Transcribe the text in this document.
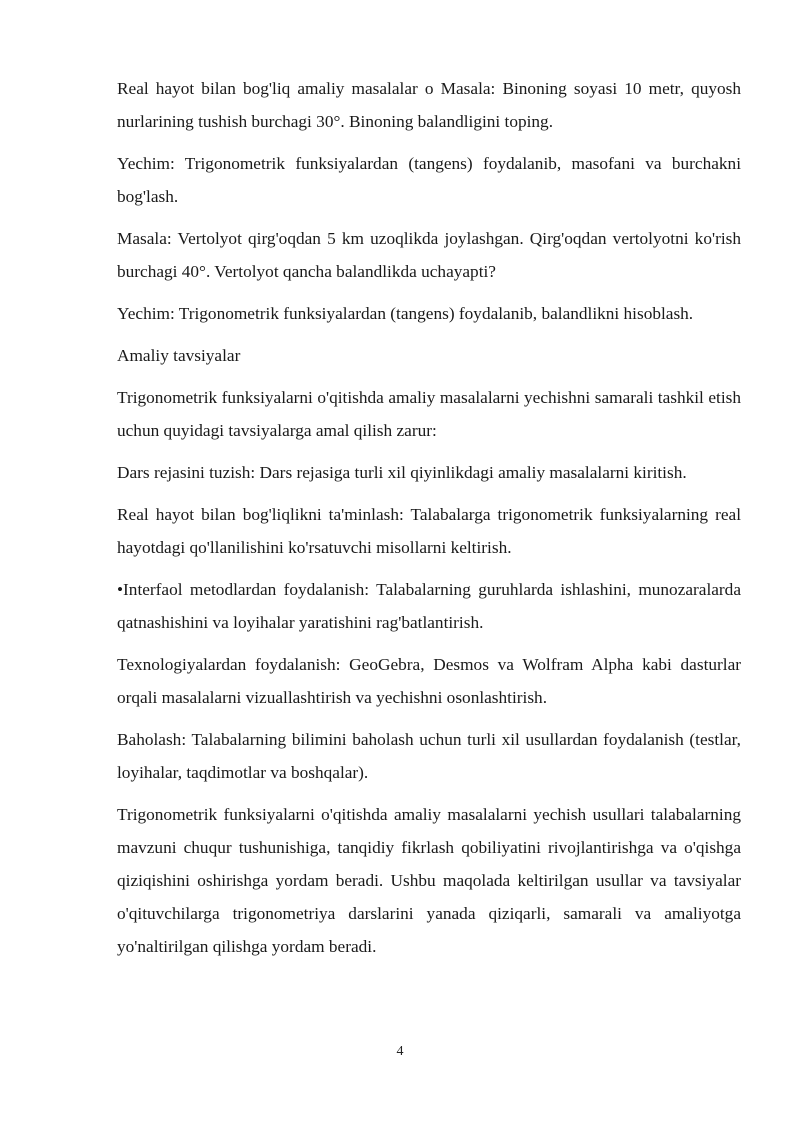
Real hayot bilan bog'liq amaliy masalalar o Masala: Binoning soyasi 10 metr, quyosh nurlarining tushish burchagi 30°. Binoning balandligini toping.

Yechim: Trigonometrik funksiyalardan (tangens) foydalanib, masofani va burchakni bog'lash.

Masala: Vertolyot qirg'oqdan 5 km uzoqlikda joylashgan. Qirg'oqdan vertolyotni ko'rish burchagi 40°. Vertolyot qancha balandlikda uchayapti?

Yechim: Trigonometrik funksiyalardan (tangens) foydalanib, balandlikni hisoblash.

Amaliy tavsiyalar

Trigonometrik funksiyalarni o'qitishda amaliy masalalarni yechishni samarali tashkil etish uchun quyidagi tavsiyalarga amal qilish zarur:

Dars rejasini tuzish: Dars rejasiga turli xil qiyinlikdagi amaliy masalalarni kiritish.

Real hayot bilan bog'liqlikni ta'minlash: Talabalarga trigonometrik funksiyalarning real hayotdagi qo'llanilishini ko'rsatuvchi misollarni keltirish.

•Interfaol metodlardan foydalanish: Talabalarning guruhlarda ishlashini, munozaralarda qatnashishini va loyihalar yaratishini rag'batlantirish.

Texnologiyalardan foydalanish: GeoGebra, Desmos va Wolfram Alpha kabi dasturlar orqali masalalarni vizuallashtirish va yechishni osonlashtirish.

Baholash: Talabalarning bilimini baholash uchun turli xil usullardan foydalanish (testlar, loyihalar, taqdimotlar va boshqalar).

Trigonometrik funksiyalarni o'qitishda amaliy masalalarni yechish usullari talabalarning mavzuni chuqur tushunishiga, tanqidiy fikrlash qobiliyatini rivojlantirishga va o'qishga qiziqishini oshirishga yordam beradi. Ushbu maqolada keltirilgan usullar va tavsiyalar o'qituvchilarga trigonometriya darslarini yanada qiziqarli, samarali va amaliyotga yo'naltirilgan qilishga yordam beradi.

4
